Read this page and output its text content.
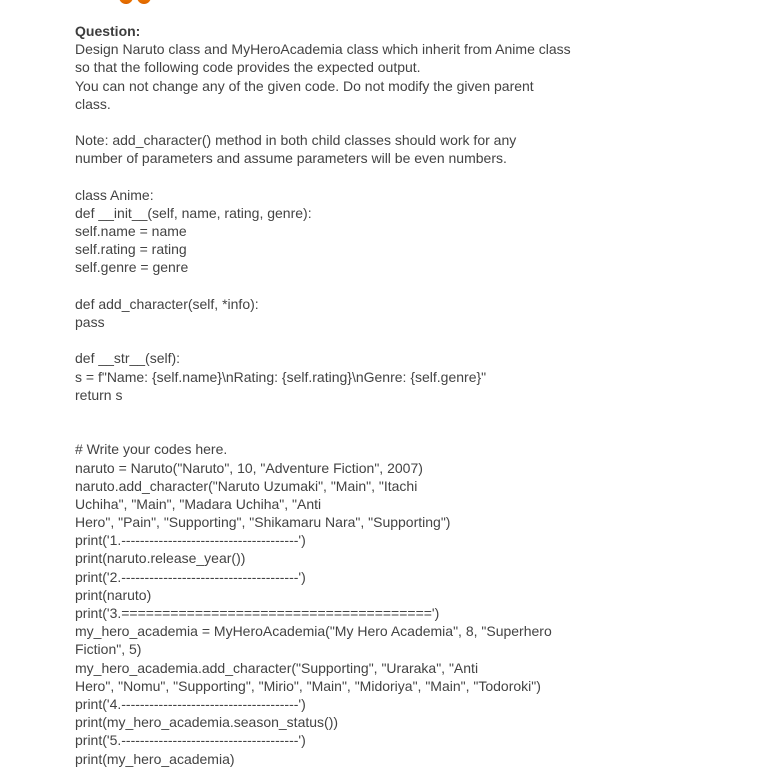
Question:
Design Naruto class and MyHeroAcademia class which inherit from Anime class
so that the following code provides the expected output.
You can not change any of the given code. Do not modify the given parent
class.

Note: add_character() method in both child classes should work for any
number of parameters and assume parameters will be even numbers.

class Anime:
def __init__(self, name, rating, genre):
self.name = name
self.rating = rating
self.genre = genre

def add_character(self, *info):
pass

def __str__(self):
s = f"Name: {self.name}\nRating: {self.rating}\nGenre: {self.genre}"
return s

# Write your codes here.
naruto = Naruto("Naruto", 10, "Adventure Fiction", 2007)
naruto.add_character("Naruto Uzumaki", "Main", "Itachi
Uchiha", "Main", "Madara Uchiha", "Anti
Hero", "Pain", "Supporting", "Shikamaru Nara", "Supporting")
print('1.--------------------------------------')
print(naruto.release_year())
print('2.--------------------------------------')
print(naruto)
print('3.======================================')
my_hero_academia = MyHeroAcademia("My Hero Academia", 8, "Superhero
Fiction", 5)
my_hero_academia.add_character("Supporting", "Uraraka", "Anti
Hero", "Nomu", "Supporting", "Mirio", "Main", "Midoriya", "Main", "Todoroki")
print('4.--------------------------------------')
print(my_hero_academia.season_status())
print('5.--------------------------------------')
print(my_hero_academia)
